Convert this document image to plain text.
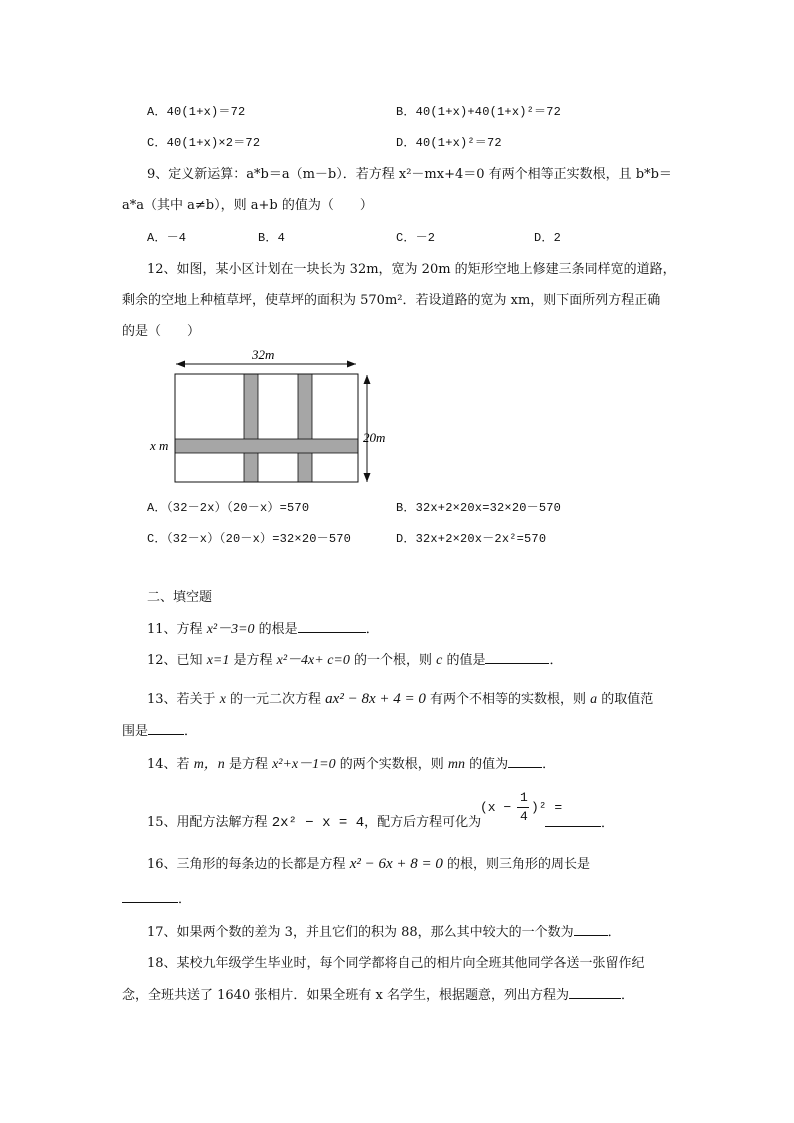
A．40(1+x)＝72	B．40(1+x)+40(1+x)²＝72
C．40(1+x)×2＝72	D．40(1+x)²＝72
9、定义新运算：a*b＝a（m－b）．若方程 x²－mx+4＝0 有两个相等正实数根，且 b*b＝
a*a（其中 a≠b），则 a+b 的值为（　　）
A．－4	B．4	C．－2	D．2
12、如图，某小区计划在一块长为 32m，宽为 20m 的矩形空地上修建三条同样宽的道路，
剩余的空地上种植草坪，使草坪的面积为 570m²．若设道路的宽为 xm，则下面所列方程正确
的是（　　）
32m
20m
x m
A．（32－2x）（20－x）=570	B．32x+2×20x=32×20－570
C．（32－x）（20－x）=32×20－570	D．32x+2×20x－2x²=570
二、填空题
11、方程 x²－3=0 的根是	．
12、已知 x=1 是方程 x²－4x+ c=0 的一个根，则 c 的值是	．
13、若关于 x 的一元二次方程 ax² − 8x + 4 = 0 有两个不相等的实数根，则 a 的取值范
围是	．
14、若 m，n 是方程 x²+x－1=0 的两个实数根，则 mn 的值为	．
15、用配方法解方程 2x² − x = 4，配方后方程可化为
(x −
1
4
)² =
．
16、三角形的每条边的长都是方程 x² − 6x + 8 = 0 的根，则三角形的周长是
．
17、如果两个数的差为 3，并且它们的积为 88，那么其中较大的一个数为	．
18、某校九年级学生毕业时，每个同学都将自己的相片向全班其他同学各送一张留作纪
念，全班共送了 1640 张相片．如果全班有 x 名学生，根据题意，列出方程为	．
